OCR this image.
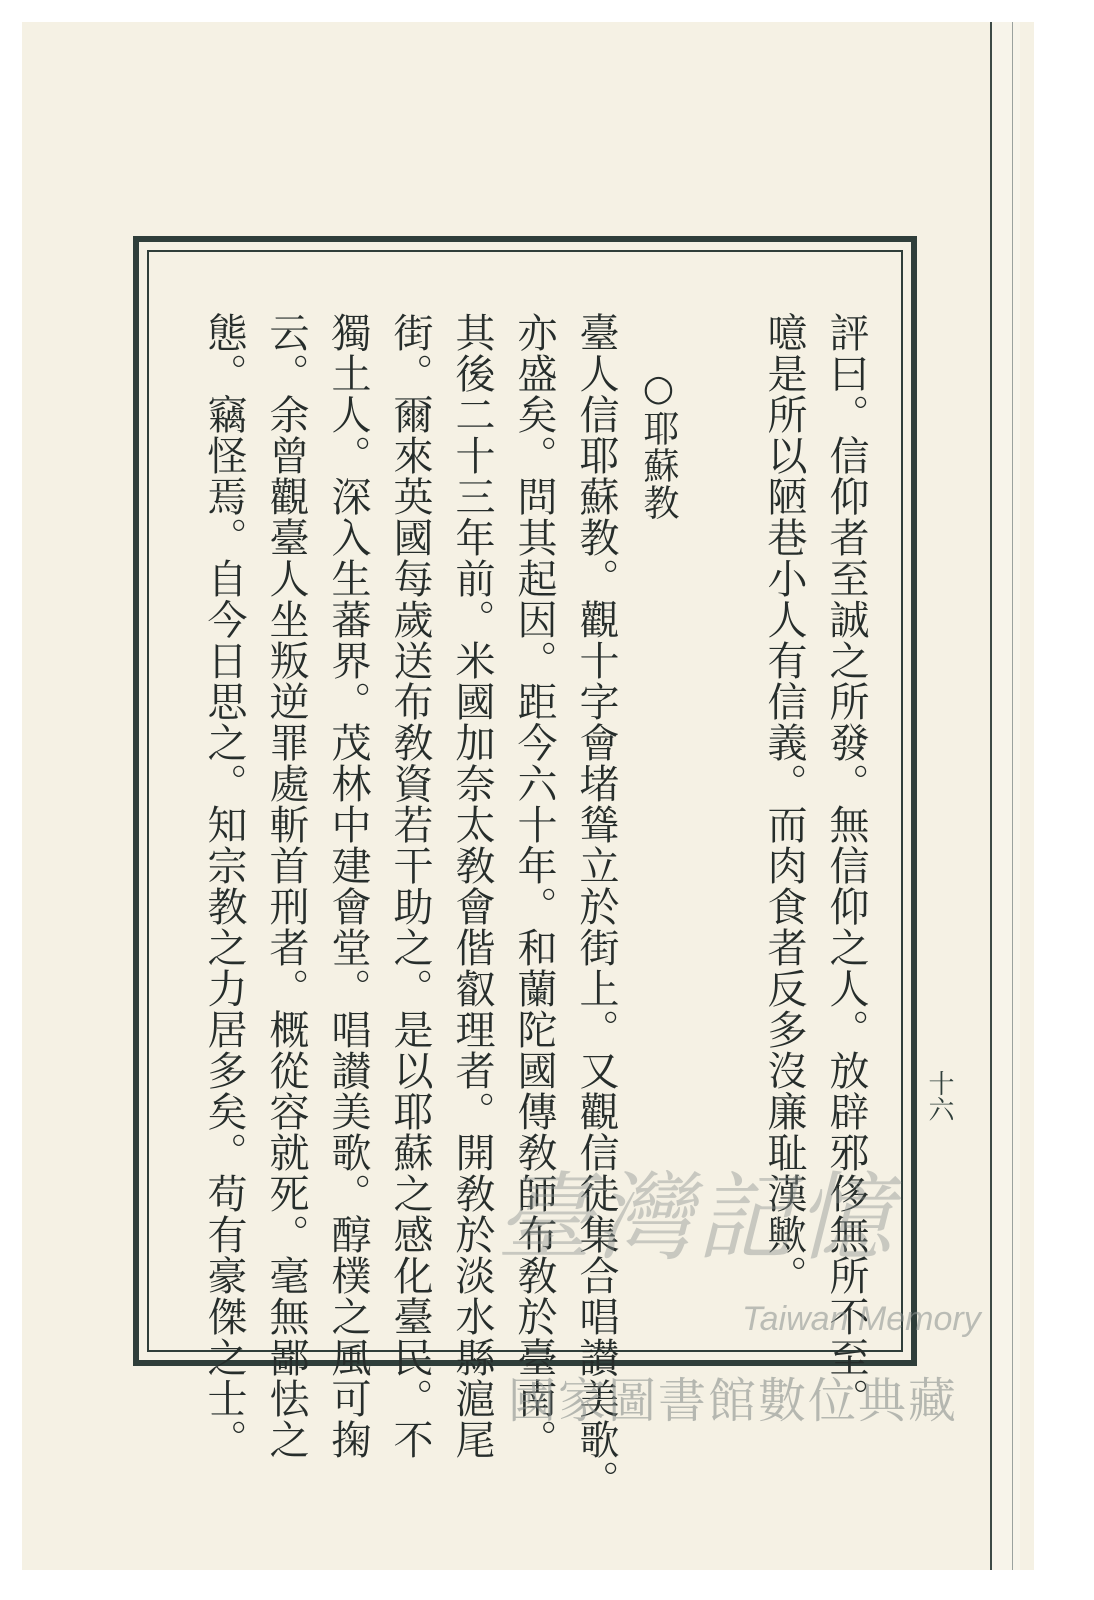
評曰。信仰者至誠之所發。無信仰之人。放辟邪侈無所不至。
噫是所以陋巷小人有信義。而肉食者反多沒廉耻漢歟。
○耶蘇教
臺人信耶蘇教。觀十字會堵聳立於街上。又觀信徒集合唱讃美歌。
亦盛矣。問其起因。距今六十年。和蘭陀國傳敎師布敎於臺南。
其後二十三年前。米國加奈太敎會偕叡理者。開敎於淡水縣滬尾
街。爾來英國每歲送布敎資若干助之。是以耶蘇之感化臺民。不
獨土人。深入生蕃界。茂林中建會堂。唱讃美歌。醇樸之風可掬
云。余曾觀臺人坐叛逆罪處斬首刑者。概從容就死。毫無鄙怯之
態。竊怪焉。自今日思之。知宗教之力居多矣。苟有豪傑之士。	十六
臺灣記憶
Taiwan Memory
國家圖書館數位典藏
